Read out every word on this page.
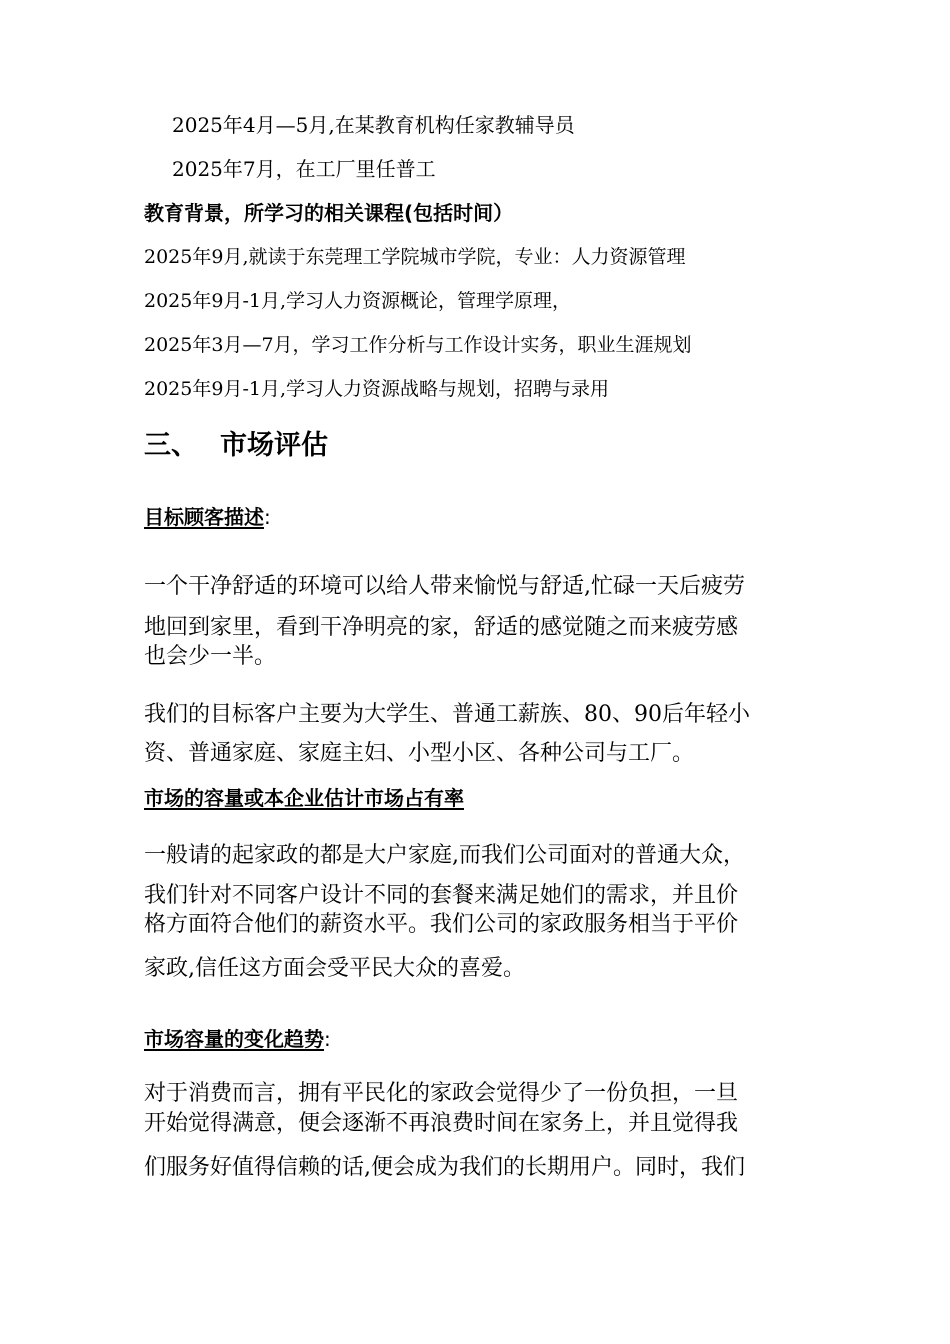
2025年4月—5月,在某教育机构任家教辅导员
2025年7月，在工厂里任普工
教育背景，所学习的相关课程(包括时间）
2025年9月,就读于东莞理工学院城市学院，专业：人力资源管理
2025年9月-1月,学习人力资源概论，管理学原理，
2025年3月—7月，学习工作分析与工作设计实务，职业生涯规划
2025年9月-1月,学习人力资源战略与规划，招聘与录用
三、 市场评估
目标顾客描述:
一个干净舒适的环境可以给人带来愉悦与舒适,忙碌一天后疲劳
地回到家里，看到干净明亮的家，舒适的感觉随之而来疲劳感
也会少一半。
我们的目标客户主要为大学生、普通工薪族、80、90后年轻小
资、普通家庭、家庭主妇、小型小区、各种公司与工厂。
市场的容量或本企业估计市场占有率
一般请的起家政的都是大户家庭,而我们公司面对的普通大众，
我们针对不同客户设计不同的套餐来满足她们的需求，并且价
格方面符合他们的薪资水平。我们公司的家政服务相当于平价
家政,信任这方面会受平民大众的喜爱。
市场容量的变化趋势:
对于消费而言，拥有平民化的家政会觉得少了一份负担，一旦
开始觉得满意，便会逐渐不再浪费时间在家务上，并且觉得我
们服务好值得信赖的话,便会成为我们的长期用户。同时，我们
